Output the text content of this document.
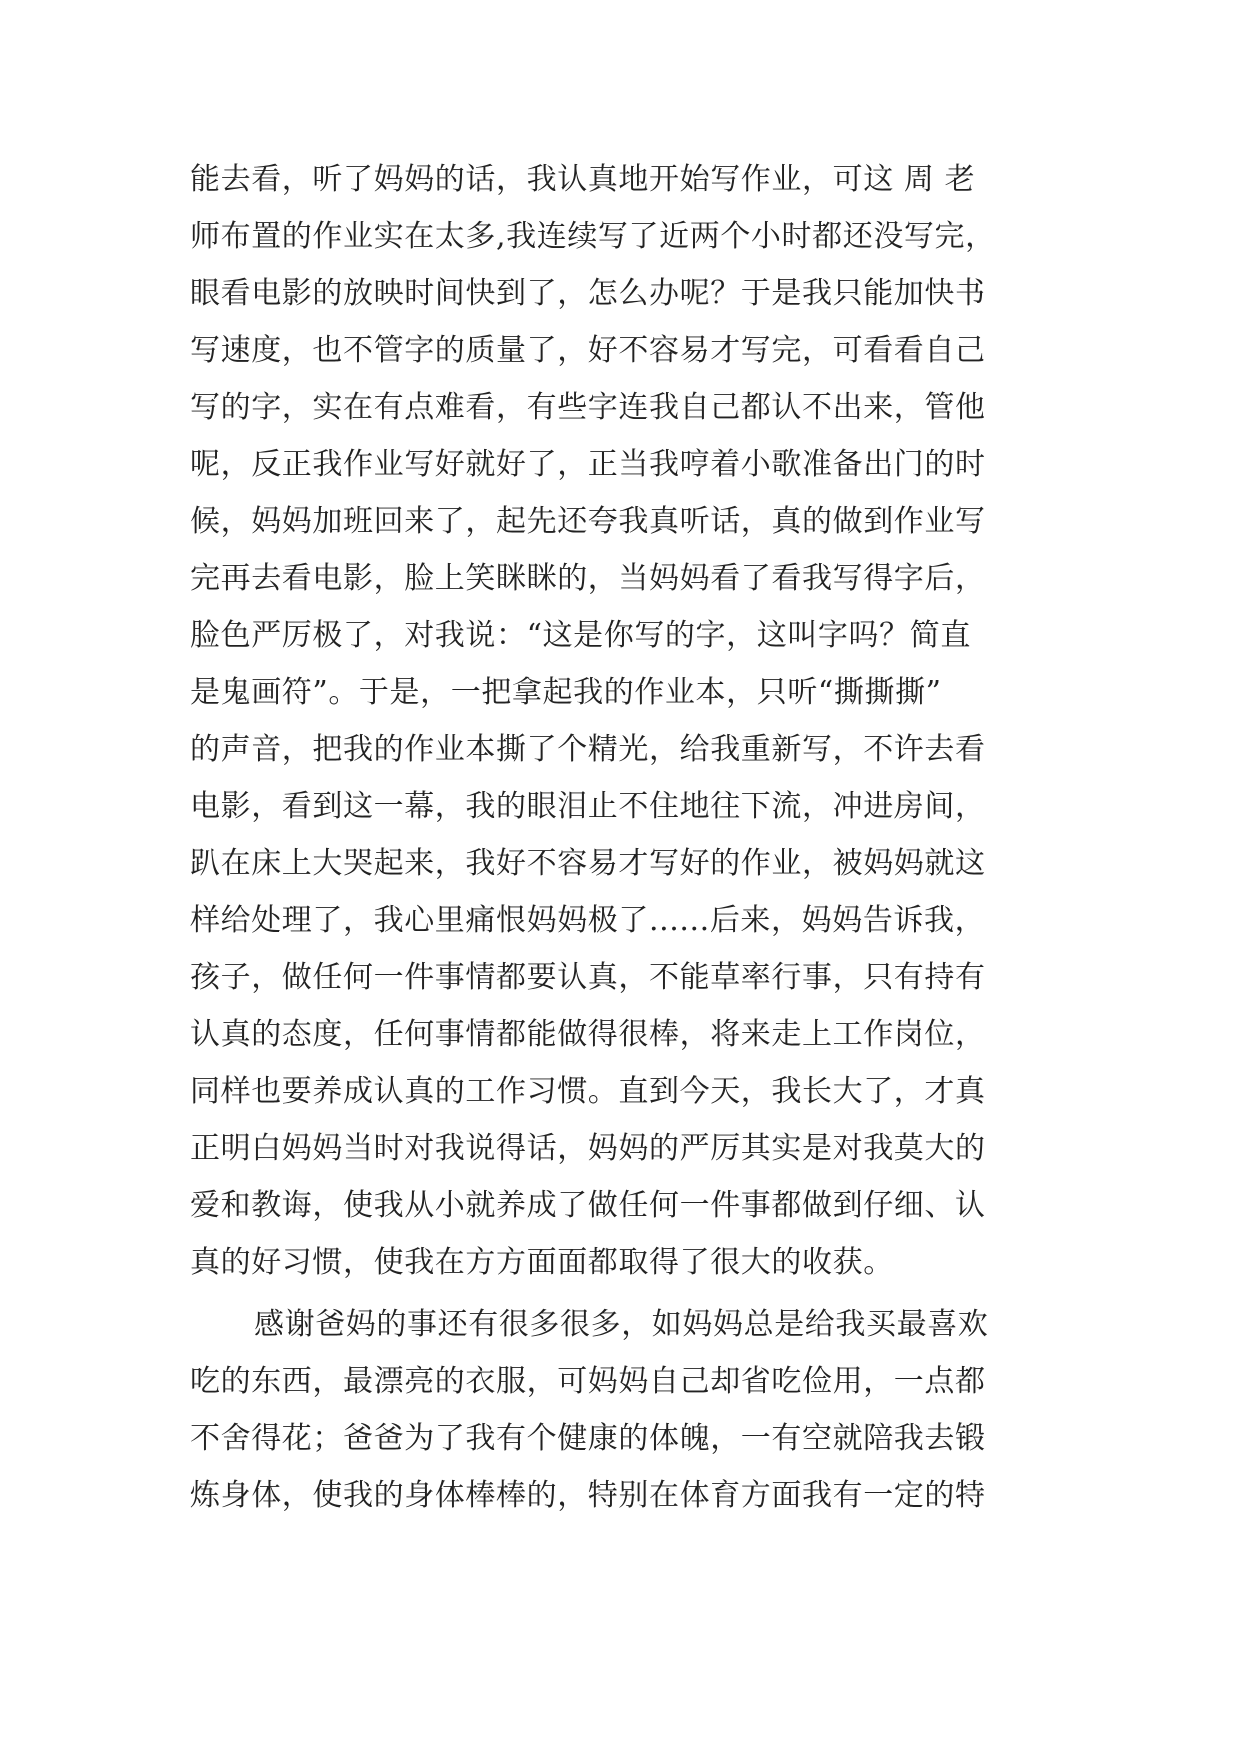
能去看，听了妈妈的话，我认真地开始写作业，可这 周 老
师布置的作业实在太多,我连续写了近两个小时都还没写完，
眼看电影的放映时间快到了，怎么办呢？于是我只能加快书
写速度，也不管字的质量了，好不容易才写完，可看看自己
写的字，实在有点难看，有些字连我自己都认不出来，管他
呢，反正我作业写好就好了，正当我哼着小歌准备出门的时
候，妈妈加班回来了，起先还夸我真听话，真的做到作业写
完再去看电影，脸上笑眯眯的，当妈妈看了看我写得字后，
脸色严厉极了，对我说：“这是你写的字，这叫字吗？简直
是鬼画符”。于是，一把拿起我的作业本，只听“撕撕撕”
的声音，把我的作业本撕了个精光，给我重新写，不许去看
电影，看到这一幕，我的眼泪止不住地往下流，冲进房间，
趴在床上大哭起来，我好不容易才写好的作业，被妈妈就这
样给处理了，我心里痛恨妈妈极了......后来，妈妈告诉我，
孩子，做任何一件事情都要认真，不能草率行事，只有持有
认真的态度，任何事情都能做得很棒，将来走上工作岗位，
同样也要养成认真的工作习惯。直到今天，我长大了，才真
正明白妈妈当时对我说得话，妈妈的严厉其实是对我莫大的
爱和教诲，使我从小就养成了做任何一件事都做到仔细、认
真的好习惯，使我在方方面面都取得了很大的收获。
感谢爸妈的事还有很多很多，如妈妈总是给我买最喜欢
吃的东西，最漂亮的衣服，可妈妈自己却省吃俭用，一点都
不舍得花；爸爸为了我有个健康的体魄，一有空就陪我去锻
炼身体，使我的身体棒棒的，特别在体育方面我有一定的特
